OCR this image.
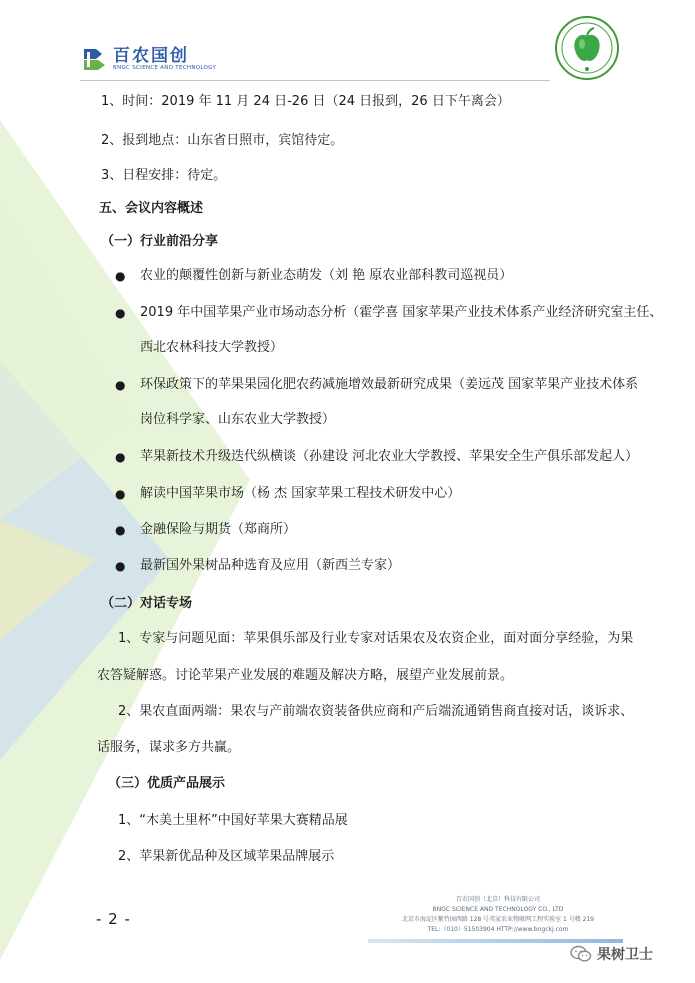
百农国创
BNGC SCIENCE AND TECHNOLOGY
1、时间：2019 年 11 月 24 日-26 日（24 日报到，26 日下午离会）
2、报到地点：山东省日照市，宾馆待定。
3、日程安排：待定。
五、会议内容概述
（一）行业前沿分享
● 农业的颠覆性创新与新业态萌发（刘 艳 原农业部科教司巡视员）
● 2019 年中国苹果产业市场动态分析（霍学喜 国家苹果产业技术体系产业经济研究室主任、
西北农林科技大学教授）
● 环保政策下的苹果果园化肥农药减施增效最新研究成果（姜远茂 国家苹果产业技术体系
岗位科学家、山东农业大学教授）
● 苹果新技术升级迭代纵横谈（孙建设 河北农业大学教授、苹果安全生产俱乐部发起人）
● 解读中国苹果市场（杨 杰 国家苹果工程技术研发中心）
● 金融保险与期货（郑商所）
● 最新国外果树品种选育及应用（新西兰专家）
（二）对话专场
1、专家与问题见面：苹果俱乐部及行业专家对话果农及农资企业，面对面分享经验，为果
农答疑解惑。讨论苹果产业发展的难题及解决方略，展望产业发展前景。
2、果农直面两端：果农与产前端农资装备供应商和产后端流通销售商直接对话，谈诉求、
话服务，谋求多方共赢。
（三）优质产品展示
1、“木美土里杯”中国好苹果大赛精品展
2、苹果新优品种及区域苹果品牌展示
- 2 -
百农国创（北京）科技有限公司
BNGC SCIENCE AND TECHNOLOGY CO., LTD
北京市海淀区紫竹园西路 128 号英家农业物联网工程实验室 1 号楼 219
TEL:（010）51503904 HTTP://www.bngckj.com
果树卫士
